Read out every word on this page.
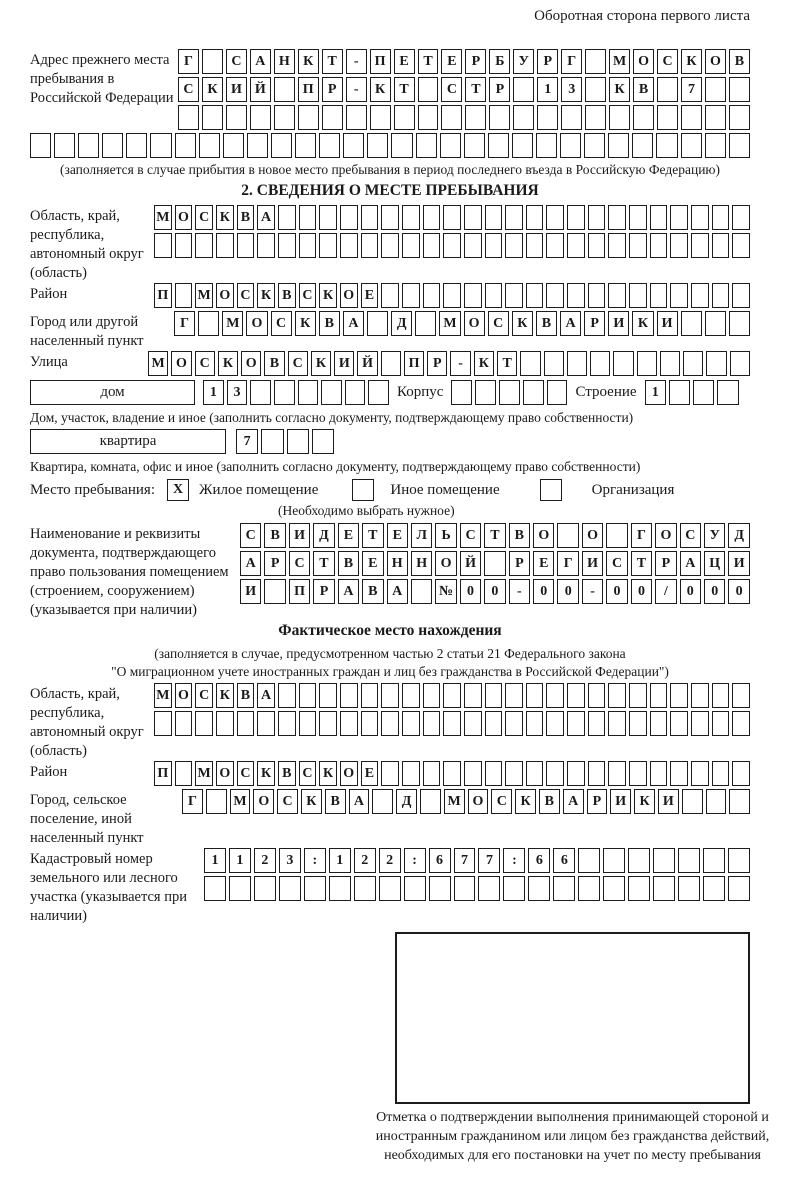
Оборотная сторона первого листа
Адрес прежнего места пребывания в Российской Федерации
Г	С А Н К	Т	-	П Е	Т	Е	Р	Б	У	Р	Г	М О С К О В
С К И Й	П	Р	-	К	Т	С	Т	Р	1	3	К	В	7
(заполняется в случае прибытия в новое место пребывания в период последнего въезда в Российскую Федерацию)
2. СВЕДЕНИЯ О МЕСТЕ ПРЕБЫВАНИЯ
Область, край, республика, автономный округ (область)
М О С К В А
Район	П М О С К В С К О Е
Город или другой населенный пункт
Г	М О С К	В	А	Д	М О С К	В	А	Р	И К И
Улица	М О С К О В С К И Й	П Р	-	К Т
дом	1	3	Корпус	Строение	1
Дом, участок, владение и иное (заполнить согласно документу, подтверждающему право собственности)
квартира	7
Квартира, комната, офис и иное (заполнить согласно документу, подтверждающему право собственности)
Место пребывания:	X	Жилое помещение	Иное помещение	Организация
(Необходимо выбрать нужное)
Наименование и реквизиты документа, подтверждающего право пользования помещением (строением, сооружением) (указывается при наличии)
С	В	И	Д	Е	Т	Е	Л	Ь	С	Т	В	О	О	Г	О С	У	Д
А	Р	С	Т	В	Е	Н Н О Й	Р	Е	Г	И С	Т	Р	А Ц И
И	П	Р	А	В	А	№ 0	0	-	0	0	-	0	0	/	0	0	0
Фактическое место нахождения
(заполняется в случае, предусмотренном частью 2 статьи 21 Федерального закона
"О миграционном учете иностранных граждан и лиц без гражданства в Российской Федерации")
Область, край, республика, автономный округ (область)
М О С К В А
Район	П М О С К В С К О Е
Город, сельское поселение, иной населенный пункт
Г	М О С К	В	А	Д	М О С К	В	А	Р	И К И
Кадастровый номер земельного или лесного участка (указывается при наличии)
1	1	2	3	:	1	2	2	:	6	7	7	:	6	6
Отметка о подтверждении выполнения принимающей стороной и иностранным гражданином или лицом без гражданства действий, необходимых для его постановки на учет по месту пребывания
